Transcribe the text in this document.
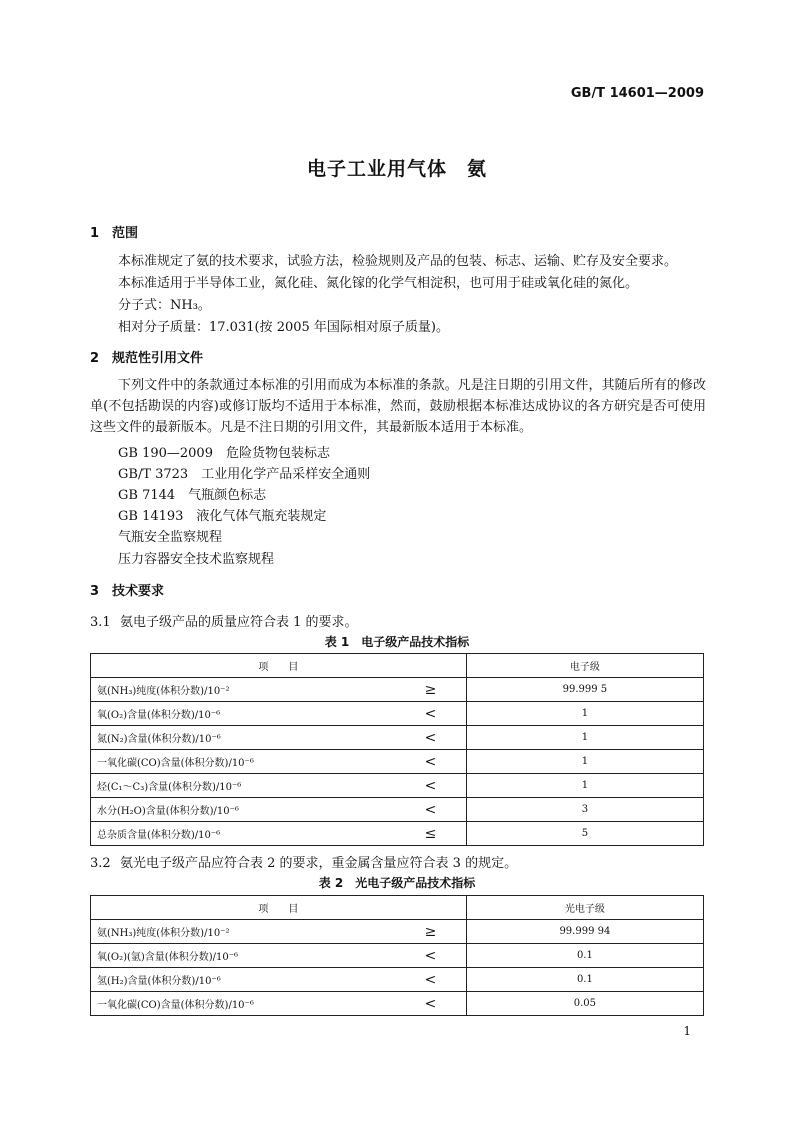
GB/T 14601—2009
电子工业用气体　氨
1 范围
本标准规定了氨的技术要求，试验方法，检验规则及产品的包装、标志、运输、贮存及安全要求。
本标准适用于半导体工业，氮化硅、氮化镓的化学气相淀积，也可用于硅或氧化硅的氮化。
分子式：NH₃。
相对分子质量：17.031(按 2005 年国际相对原子质量)。
2 规范性引用文件
下列文件中的条款通过本标准的引用而成为本标准的条款。凡是注日期的引用文件，其随后所有的修改单(不包括勘误的内容)或修订版均不适用于本标准，然而，鼓励根据本标准达成协议的各方研究是否可使用这些文件的最新版本。凡是不注日期的引用文件，其最新版本适用于本标准。
GB 190—2009　危险货物包装标志
GB/T 3723　工业用化学产品采样安全通则
GB 7144　气瓶颜色标志
GB 14193　液化气体气瓶充装规定
气瓶安全监察规程
压力容器安全技术监察规程
3 技术要求
3.1 氨电子级产品的质量应符合表 1 的要求。
表 1　电子级产品技术指标
项　　目		电子级
氨(NH₃)纯度(体积分数)/10⁻²	≥	99.999 5
氧(O₂)含量(体积分数)/10⁻⁶	<	1
氮(N₂)含量(体积分数)/10⁻⁶	<	1
一氧化碳(CO)含量(体积分数)/10⁻⁶	<	1
烃(C₁～C₃)含量(体积分数)/10⁻⁶	<	1
水分(H₂O)含量(体积分数)/10⁻⁶	<	3
总杂质含量(体积分数)/10⁻⁶	≤	5
3.2 氨光电子级产品应符合表 2 的要求，重金属含量应符合表 3 的规定。
表 2　光电子级产品技术指标
项　　目		光电子级
氨(NH₃)纯度(体积分数)/10⁻²	≥	99.999 94
氧(O₂)(氩)含量(体积分数)/10⁻⁶	<	0.1
氢(H₂)含量(体积分数)/10⁻⁶	<	0.1
一氧化碳(CO)含量(体积分数)/10⁻⁶	<	0.05
1
